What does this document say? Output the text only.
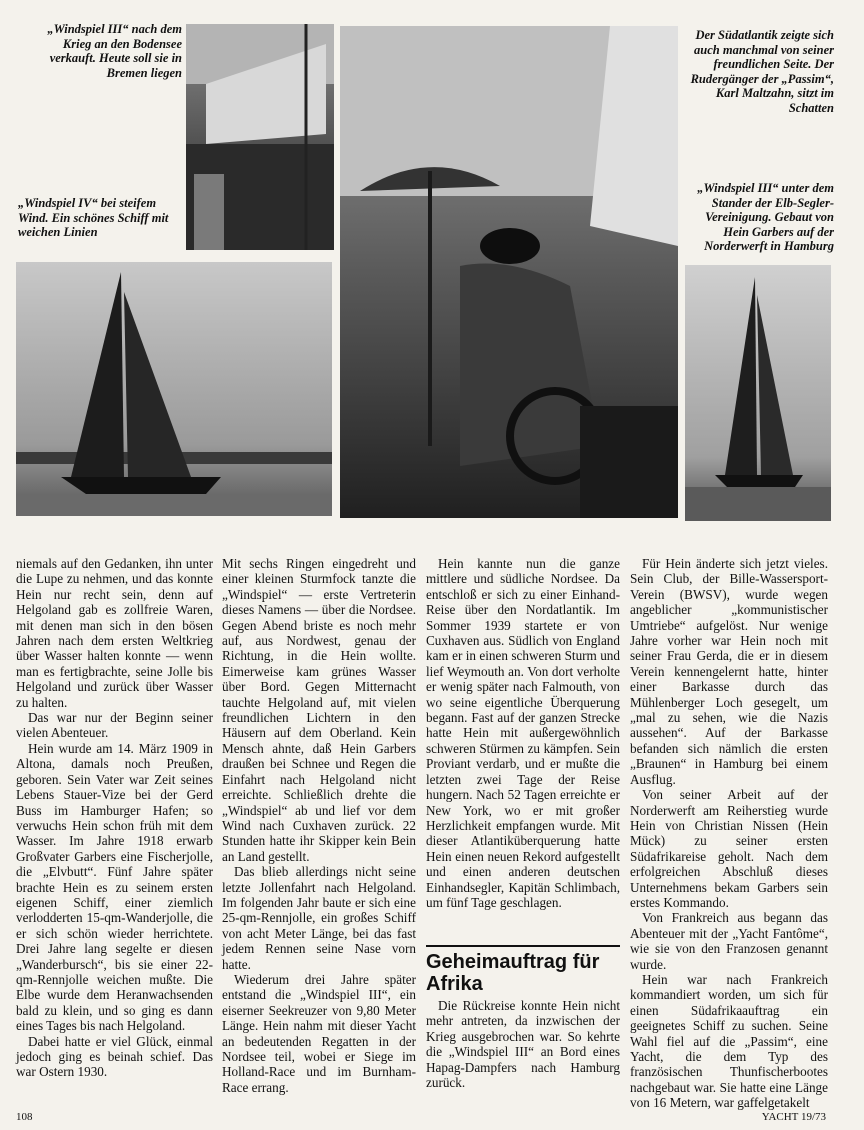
„Windspiel III“ nach dem Krieg an den Bodensee verkauft. Heute soll sie in Bremen liegen

„Windspiel IV“ bei steifem Wind. Ein schönes Schiff mit weichen Linien

Der Südatlantik zeigte sich auch manchmal von seiner freundlichen Seite. Der Rudergänger der „Passim“, Karl Maltzahn, sitzt im Schatten

„Windspiel III“ unter dem Stander der Elb-Segler-Vereinigung. Gebaut von Hein Garbers auf der Norderwerft in Hamburg

niemals auf den Gedanken, ihn unter die Lupe zu nehmen, und das konnte Hein nur recht sein, denn auf Helgoland gab es zollfreie Waren, mit denen man sich in den bösen Jahren nach dem ersten Weltkrieg über Wasser halten konnte — wenn man es fertigbrachte, seine Jolle bis Helgoland und zurück über Wasser zu halten.

Das war nur der Beginn seiner vielen Abenteuer.

Hein wurde am 14. März 1909 in Altona, damals noch Preußen, geboren. Sein Vater war Zeit seines Lebens Stauer-Vize bei der Gerd Buss im Hamburger Hafen; so verwuchs Hein schon früh mit dem Wasser. Im Jahre 1918 erwarb Großvater Garbers eine Fischerjolle, die „Elvbutt“. Fünf Jahre später brachte Hein es zu seinem ersten eigenen Schiff, einer ziemlich verlodderten 15-qm-Wanderjolle, die er sich schön wieder herrichtete. Drei Jahre lang segelte er diesen „Wanderbursch“, bis sie einer 22-qm-Rennjolle weichen mußte. Die Elbe wurde dem Heranwachsenden bald zu klein, und so ging es dann eines Tages bis nach Helgoland.

Dabei hatte er viel Glück, einmal jedoch ging es beinah schief. Das war Ostern 1930.

Mit sechs Ringen eingedreht und einer kleinen Sturmfock tanzte die „Windspiel“ — erste Vertreterin dieses Namens — über die Nordsee. Gegen Abend briste es noch mehr auf, aus Nordwest, genau der Richtung, in die Hein wollte. Eimerweise kam grünes Wasser über Bord. Gegen Mitternacht tauchte Helgoland auf, mit vielen freundlichen Lichtern in den Häusern auf dem Oberland. Kein Mensch ahnte, daß Hein Garbers draußen bei Schnee und Regen die Einfahrt nach Helgoland nicht erreichte. Schließlich drehte die „Windspiel“ ab und lief vor dem Wind nach Cuxhaven zurück. 22 Stunden hatte ihr Skipper kein Bein an Land gestellt.

Das blieb allerdings nicht seine letzte Jollenfahrt nach Helgoland. Im folgenden Jahr baute er sich eine 25-qm-Rennjolle, ein großes Schiff von acht Meter Länge, bei das fast jedem Rennen seine Nase vorn hatte.

Wiederum drei Jahre später entstand die „Windspiel III“, ein eiserner Seekreuzer von 9,80 Meter Länge. Hein nahm mit dieser Yacht an bedeutenden Regatten in der Nordsee teil, wobei er Siege im Holland-Race und im Burnham-Race errang.

Hein kannte nun die ganze mittlere und südliche Nordsee. Da entschloß er sich zu einer Einhand-Reise über den Nordatlantik. Im Sommer 1939 startete er von Cuxhaven aus. Südlich von England kam er in einen schweren Sturm und lief Weymouth an. Von dort verholte er wenig später nach Falmouth, von wo seine eigentliche Überquerung begann. Fast auf der ganzen Strecke hatte Hein mit außergewöhnlich schweren Stürmen zu kämpfen. Sein Proviant verdarb, und er mußte die letzten zwei Tage der Reise hungern. Nach 52 Tagen erreichte er New York, wo er mit großer Herzlichkeit empfangen wurde. Mit dieser Atlantiküberquerung hatte Hein einen neuen Rekord aufgestellt und einen anderen deutschen Einhandsegler, Kapitän Schlimbach, um fünf Tage geschlagen.

Geheimauftrag für Afrika

Die Rückreise konnte Hein nicht mehr antreten, da inzwischen der Krieg ausgebrochen war. So kehrte die „Windspiel III“ an Bord eines Hapag-Dampfers nach Hamburg zurück.

Für Hein änderte sich jetzt vieles. Sein Club, der Bille-Wassersport-Verein (BWSV), wurde wegen angeblicher „kommunistischer Umtriebe“ aufgelöst. Nur wenige Jahre vorher war Hein noch mit seiner Frau Gerda, die er in diesem Verein kennengelernt hatte, hinter einer Barkasse durch das Mühlenberger Loch gesegelt, um „mal zu sehen, wie die Nazis aussehen“. Auf der Barkasse befanden sich nämlich die ersten „Braunen“ in Hamburg bei einem Ausflug.

Von seiner Arbeit auf der Norderwerft am Reiherstieg wurde Hein von Christian Nissen (Hein Mück) zu seiner ersten Südafrikareise geholt. Nach dem erfolgreichen Abschluß dieses Unternehmens bekam Garbers sein erstes Kommando.

Von Frankreich aus begann das Abenteuer mit der „Yacht Fantôme“, wie sie von den Franzosen genannt wurde.

Hein war nach Frankreich kommandiert worden, um sich für einen Südafrikaauftrag ein geeignetes Schiff zu suchen. Seine Wahl fiel auf die „Passim“, eine Yacht, die dem Typ des französischen Thunfischerbootes nachgebaut war. Sie hatte eine Länge von 16 Metern, war gaffelgetakelt

108	YACHT 19/73
